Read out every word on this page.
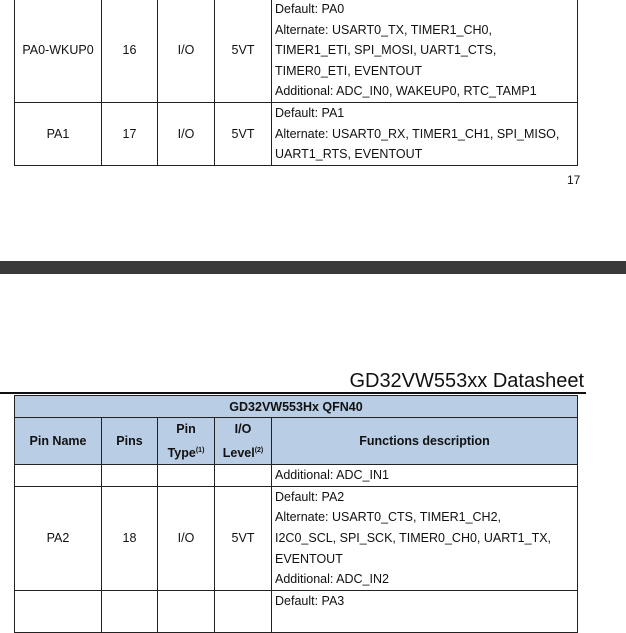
PA0-WKUP0	16	I/O	5VT	Default: PA0
Alternate: USART0_TX, TIMER1_CH0,
TIMER1_ETI, SPI_MOSI, UART1_CTS,
TIMER0_ETI, EVENTOUT
Additional: ADC_IN0, WAKEUP0, RTC_TAMP1

PA1	17	I/O	5VT	Default: PA1
Alternate: USART0_RX, TIMER1_CH1, SPI_MISO,
UART1_RTS, EVENTOUT
17
GD32VW553xx Datasheet
GD32VW553Hx QFN40				
Pin Name	Pins	Pin Type$^{(1)}$	I/O Level$^{(2)}$	Functions description

				Additional: ADC_IN1

PA2	18	I/O	5VT	Default: PA2
Alternate: USART0_CTS, TIMER1_CH2,
I2C0_SCL, SPI_SCK, TIMER0_CH0, UART1_TX,
EVENTOUT
Additional: ADC_IN2

				Default: PA3
